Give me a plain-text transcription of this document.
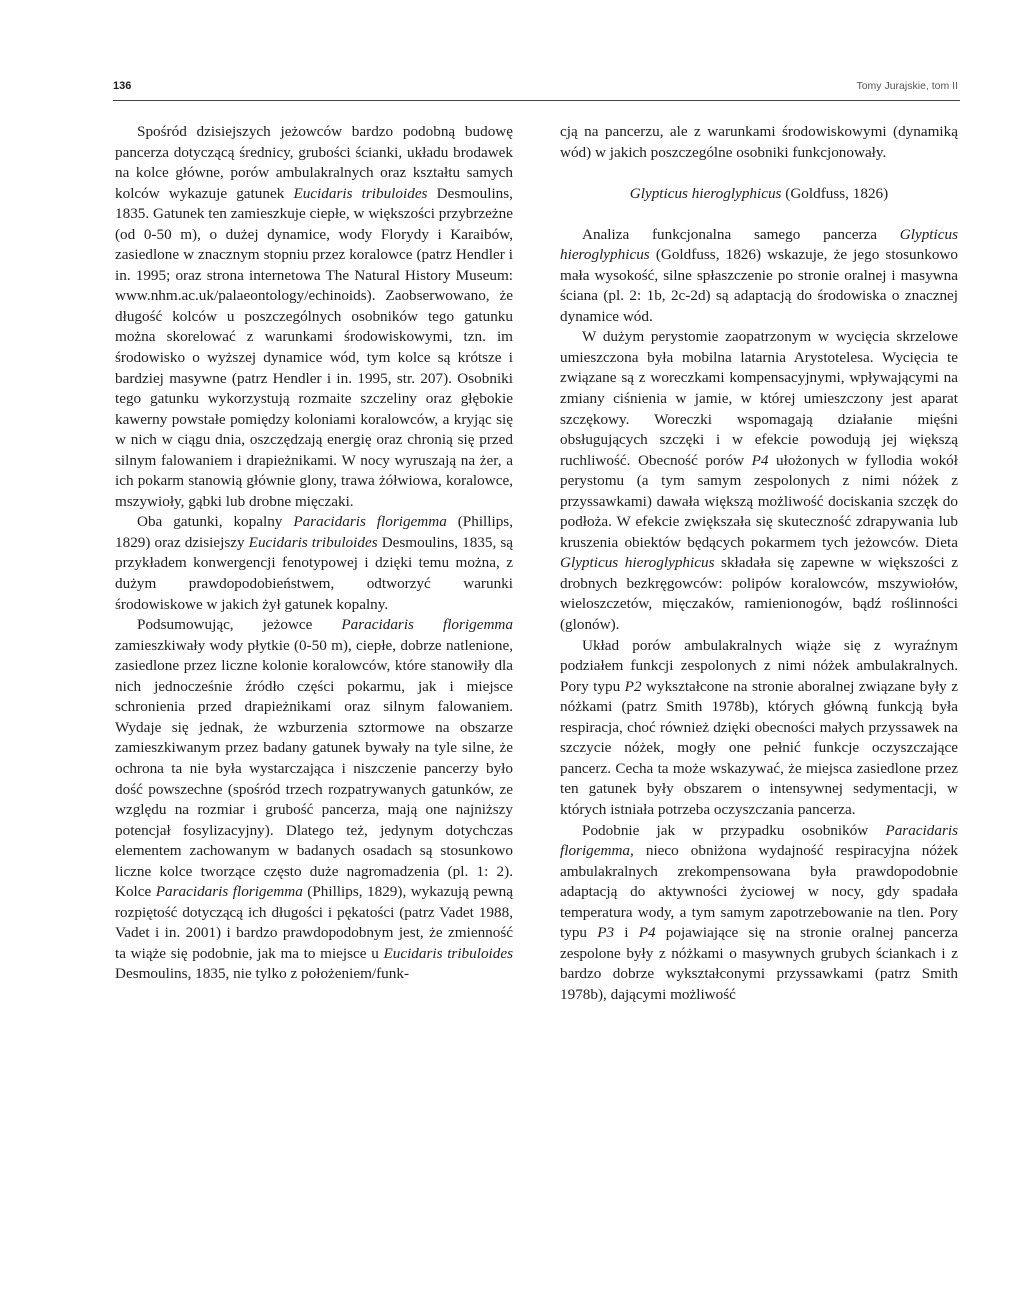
136	Tomy Jurajskie, tom II

Spośród dzisiejszych jeżowców bardzo podobną budowę pancerza dotyczącą średnicy, grubości ścianki, układu brodawek na kolce główne, porów ambulakralnych oraz kształtu samych kolców wykazuje gatunek Eucidaris tribuloides Desmoulins, 1835. Gatunek ten zamieszkuje ciepłe, w większości przybrzeżne (od 0-50 m), o dużej dynamice, wody Florydy i Karaibów, zasiedlone w znacznym stopniu przez koralowce (patrz Hendler i in. 1995; oraz strona internetowa The Natural History Museum: www.nhm.ac.uk/palaeontology/echinoids). Zaobserwowano, że długość kolców u poszczególnych osobników tego gatunku można skorelować z warunkami środowiskowymi, tzn. im środowisko o wyższej dynamice wód, tym kolce są krótsze i bardziej masywne (patrz Hendler i in. 1995, str. 207). Osobniki tego gatunku wykorzystują rozmaite szczeliny oraz głębokie kawerny powstałe pomiędzy koloniami koralowców, a kryjąc się w nich w ciągu dnia, oszczędzają energię oraz chronią się przed silnym falowaniem i drapieżnikami. W nocy wyruszają na żer, a ich pokarm stanowią głównie glony, trawa żółwiowa, koralowce, mszywioły, gąbki lub drobne mięczaki.

Oba gatunki, kopalny Paracidaris florigemma (Phillips, 1829) oraz dzisiejszy Eucidaris tribuloides Desmoulins, 1835, są przykładem konwergencji fenotypowej i dzięki temu można, z dużym prawdopodobieństwem, odtworzyć warunki środowiskowe w jakich żył gatunek kopalny.

Podsumowując, jeżowce Paracidaris florigemma zamieszkiwały wody płytkie (0-50 m), ciepłe, dobrze natlenione, zasiedlone przez liczne kolonie koralowców, które stanowiły dla nich jednocześnie źródło części pokarmu, jak i miejsce schronienia przed drapieżnikami oraz silnym falowaniem. Wydaje się jednak, że wzburzenia sztormowe na obszarze zamieszkiwanym przez badany gatunek bywały na tyle silne, że ochrona ta nie była wystarczająca i niszczenie pancerzy było dość powszechne (spośród trzech rozpatrywanych gatunków, ze względu na rozmiar i grubość pancerza, mają one najniższy potencjał fosylizacyjny). Dlatego też, jedynym dotychczas elementem zachowanym w badanych osadach są stosunkowo liczne kolce tworzące często duże nagromadzenia (pl. 1: 2). Kolce Paracidaris florigemma (Phillips, 1829), wykazują pewną rozpiętość dotyczącą ich długości i pękatości (patrz Vadet 1988, Vadet i in. 2001) i bardzo prawdopodobnym jest, że zmienność ta wiąże się podobnie, jak ma to miejsce u Eucidaris tribuloides Desmoulins, 1835, nie tylko z położeniem/funk-

cją na pancerzu, ale z warunkami środowiskowymi (dynamiką wód) w jakich poszczególne osobniki funkcjonowały.

Glypticus hieroglyphicus (Goldfuss, 1826)

Analiza funkcjonalna samego pancerza Glypticus hieroglyphicus (Goldfuss, 1826) wskazuje, że jego stosunkowo mała wysokość, silne spłaszczenie po stronie oralnej i masywna ściana (pl. 2: 1b, 2c-2d) są adaptacją do środowiska o znacznej dynamice wód.

W dużym perystomie zaopatrzonym w wycięcia skrzelowe umieszczona była mobilna latarnia Arystotelesa. Wycięcia te związane są z woreczkami kompensacyjnymi, wpływającymi na zmiany ciśnienia w jamie, w której umieszczony jest aparat szczękowy. Woreczki wspomagają działanie mięśni obsługujących szczęki i w efekcie powodują jej większą ruchliwość. Obecność porów P4 ułożonych w fyllodia wokół perystomu (a tym samym zespolonych z nimi nóżek z przyssawkami) dawała większą możliwość dociskania szczęk do podłoża. W efekcie zwiększała się skuteczność zdrapywania lub kruszenia obiektów będących pokarmem tych jeżowców. Dieta Glypticus hieroglyphicus składała się zapewne w większości z drobnych bezkręgowców: polipów koralowców, mszywiołów, wieloszczetów, mięczaków, ramienionogów, bądź roślinności (glonów).

Układ porów ambulakralnych wiąże się z wyraźnym podziałem funkcji zespolonych z nimi nóżek ambulakralnych. Pory typu P2 wykształcone na stronie aboralnej związane były z nóżkami (patrz Smith 1978b), których główną funkcją była respiracja, choć również dzięki obecności małych przyssawek na szczycie nóżek, mogły one pełnić funkcje oczyszczające pancerz. Cecha ta może wskazywać, że miejsca zasiedlone przez ten gatunek były obszarem o intensywnej sedymentacji, w których istniała potrzeba oczyszczania pancerza.

Podobnie jak w przypadku osobników Paracidaris florigemma, nieco obniżona wydajność respiracyjna nóżek ambulakralnych zrekompensowana była prawdopodobnie adaptacją do aktywności życiowej w nocy, gdy spadała temperatura wody, a tym samym zapotrzebowanie na tlen. Pory typu P3 i P4 pojawiające się na stronie oralnej pancerza zespolone były z nóżkami o masywnych grubych ściankach i z bardzo dobrze wykształconymi przyssawkami (patrz Smith 1978b), dającymi możliwość
